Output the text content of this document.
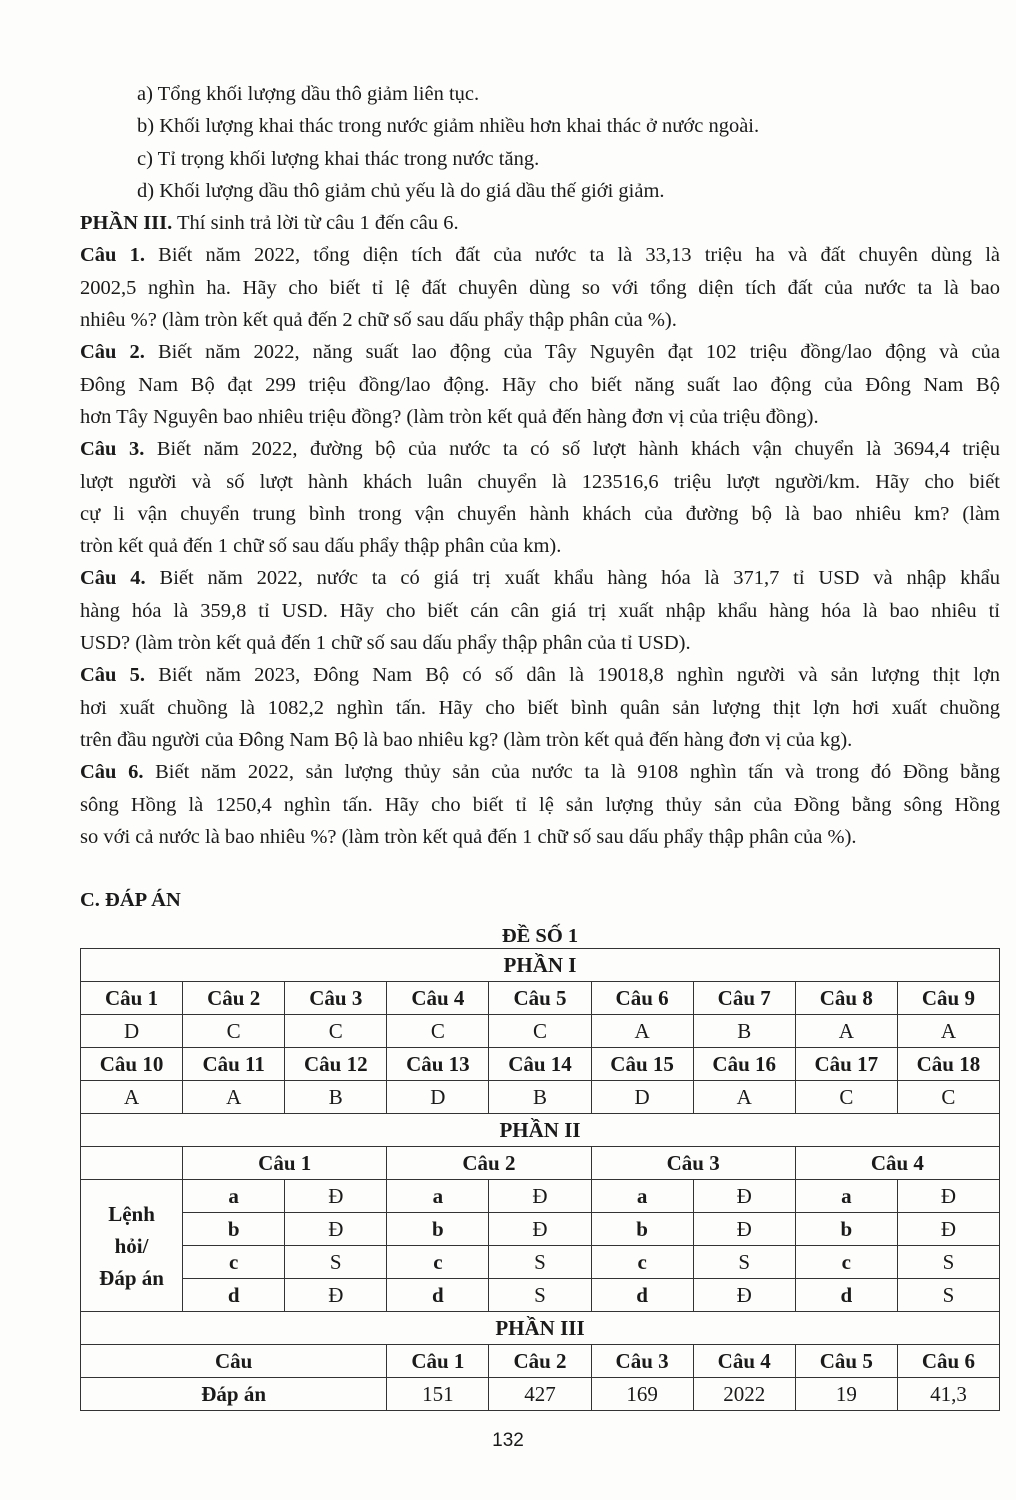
a) Tổng khối lượng dầu thô giảm liên tục.
b) Khối lượng khai thác trong nước giảm nhiều hơn khai thác ở nước ngoài.
c) Tỉ trọng khối lượng khai thác trong nước tăng.
d) Khối lượng dầu thô giảm chủ yếu là do giá dầu thế giới giảm.
PHẦN III. Thí sinh trả lời từ câu 1 đến câu 6.
Câu 1. Biết năm 2022, tổng diện tích đất của nước ta là 33,13 triệu ha và đất chuyên dùng là
2002,5 nghìn ha. Hãy cho biết tỉ lệ đất chuyên dùng so với tổng diện tích đất của nước ta là bao
nhiêu %? (làm tròn kết quả đến 2 chữ số sau dấu phẩy thập phân của %).
Câu 2. Biết năm 2022, năng suất lao động của Tây Nguyên đạt 102 triệu đồng/lao động và của
Đông Nam Bộ đạt 299 triệu đồng/lao động. Hãy cho biết năng suất lao động của Đông Nam Bộ
hơn Tây Nguyên bao nhiêu triệu đồng? (làm tròn kết quả đến hàng đơn vị của triệu đồng).
Câu 3. Biết năm 2022, đường bộ của nước ta có số lượt hành khách vận chuyển là 3694,4 triệu
lượt người và số lượt hành khách luân chuyển là 123516,6 triệu lượt người/km. Hãy cho biết
cự li vận chuyển trung bình trong vận chuyển hành khách của đường bộ là bao nhiêu km? (làm
tròn kết quả đến 1 chữ số sau dấu phẩy thập phân của km).
Câu 4. Biết năm 2022, nước ta có giá trị xuất khẩu hàng hóa là 371,7 tỉ USD và nhập khẩu
hàng hóa là 359,8 tỉ USD. Hãy cho biết cán cân giá trị xuất nhập khẩu hàng hóa là bao nhiêu tỉ
USD? (làm tròn kết quả đến 1 chữ số sau dấu phẩy thập phân của tỉ USD).
Câu 5. Biết năm 2023, Đông Nam Bộ có số dân là 19018,8 nghìn người và sản lượng thịt lợn
hơi xuất chuồng là 1082,2 nghìn tấn. Hãy cho biết bình quân sản lượng thịt lợn hơi xuất chuồng
trên đầu người của Đông Nam Bộ là bao nhiêu kg? (làm tròn kết quả đến hàng đơn vị của kg).
Câu 6. Biết năm 2022, sản lượng thủy sản của nước ta là 9108 nghìn tấn và trong đó Đồng bằng
sông Hồng là 1250,4 nghìn tấn. Hãy cho biết tỉ lệ sản lượng thủy sản của Đồng bằng sông Hồng
so với cả nước là bao nhiêu %? (làm tròn kết quả đến 1 chữ số sau dấu phẩy thập phân của %).
C. ĐÁP ÁN
ĐỀ SỐ 1
PHẦN I								
Câu 1	Câu 2	Câu 3	Câu 4	Câu 5	Câu 6	Câu 7	Câu 8	Câu 9
D	C	C	C	C	A	B	A	A
Câu 10	Câu 11	Câu 12	Câu 13	Câu 14	Câu 15	Câu 16	Câu 17	Câu 18
A	A	B	D	B	D	A	C	C
PHẦN II								
	Câu 1		Câu 2		Câu 3		Câu 4	
Lệnh hỏi/ Đáp án	a	Đ	a	Đ	a	Đ	a	Đ
	b	Đ	b	Đ	b	Đ	b	Đ
	c	S	c	S	c	S	c	S
	d	Đ	d	S	d	Đ	d	S
PHẦN III								
Câu			Câu 1	Câu 2	Câu 3	Câu 4	Câu 5	Câu 6
Đáp án			151	427	169	2022	19	41,3
132
